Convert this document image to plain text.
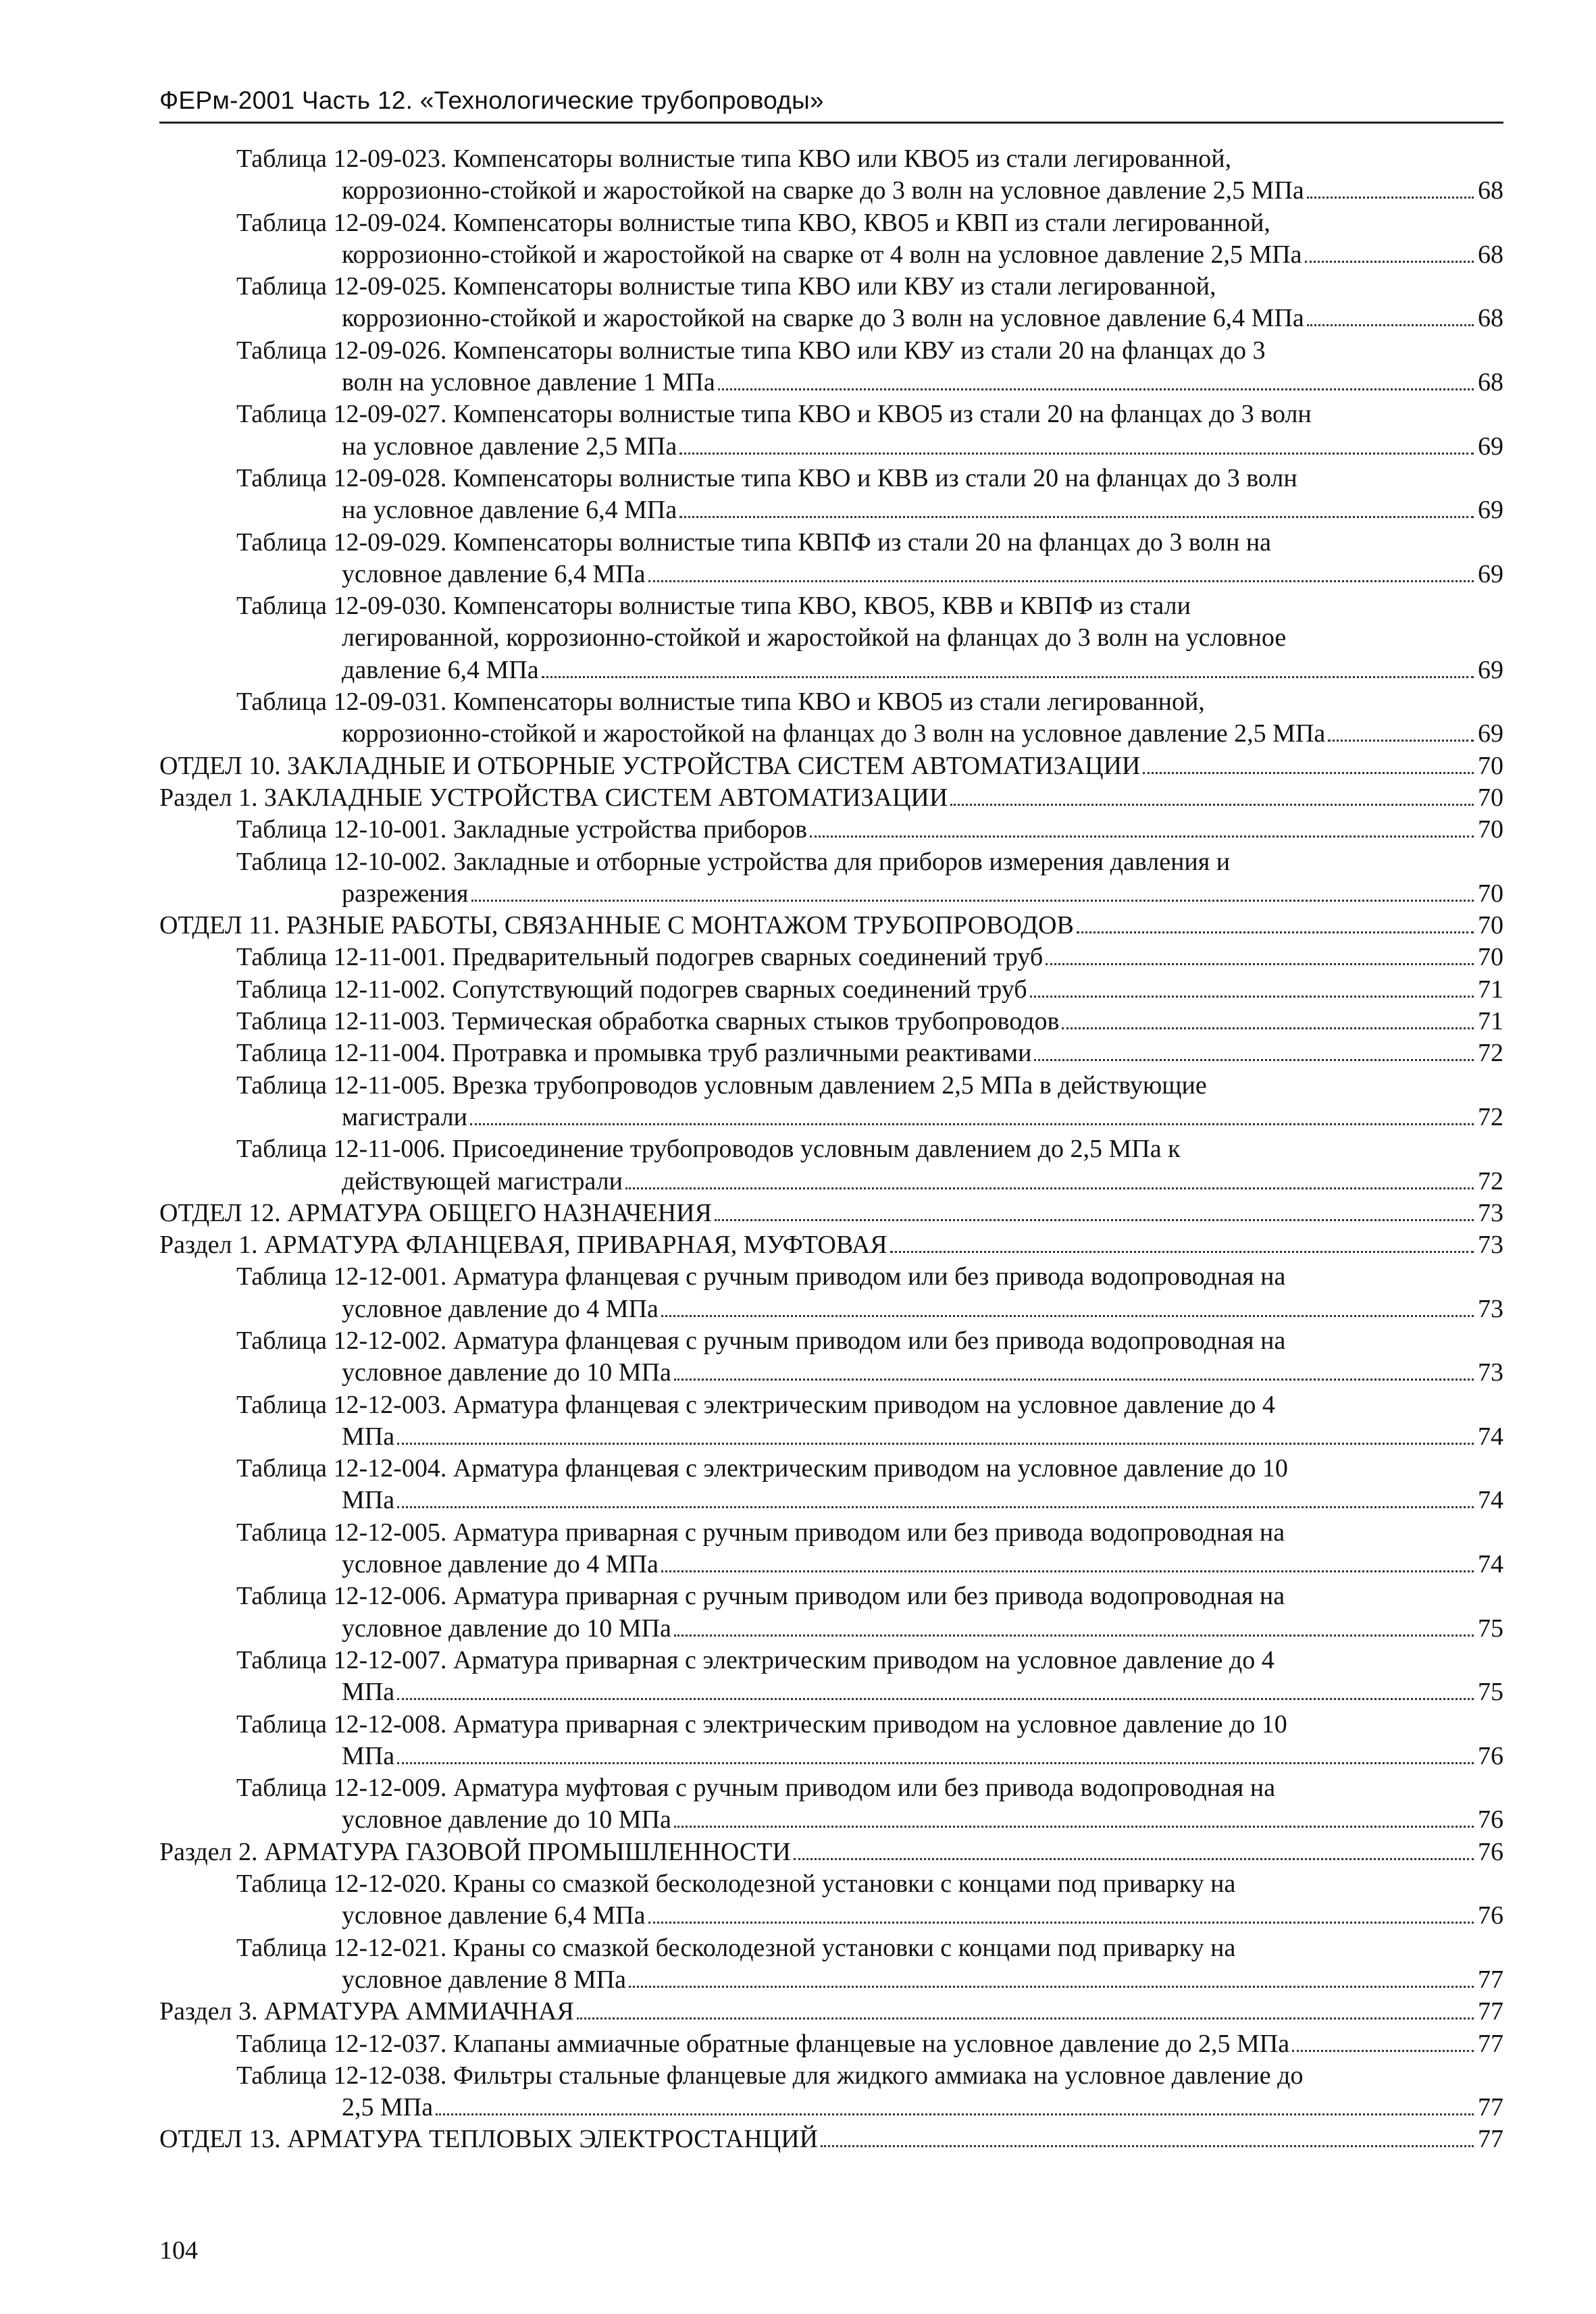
ФЕРм-2001 Часть 12. «Технологические трубопроводы»
Таблица 12-09-023. Компенсаторы волнистые типа КВО или КВО5 из стали легированной,
коррозионно-стойкой и жаростойкой на сварке до 3 волн на условное давление 2,5 МПа	68
Таблица 12-09-024. Компенсаторы волнистые типа КВО, КВО5 и КВП из стали легированной,
коррозионно-стойкой и жаростойкой на сварке от 4 волн на условное давление 2,5 МПа	68
Таблица 12-09-025. Компенсаторы волнистые типа КВО или КВУ из стали легированной,
коррозионно-стойкой и жаростойкой на сварке до 3 волн на условное давление 6,4 МПа	68
Таблица 12-09-026. Компенсаторы волнистые типа КВО или КВУ из стали 20 на фланцах до 3
волн на условное давление 1 МПа	68
Таблица 12-09-027. Компенсаторы волнистые типа КВО и КВО5 из стали 20 на фланцах до 3 волн
на условное давление 2,5 МПа	69
Таблица 12-09-028. Компенсаторы волнистые типа КВО и КВВ из стали 20 на фланцах до 3 волн
на условное давление 6,4 МПа	69
Таблица 12-09-029. Компенсаторы волнистые типа КВПФ из стали 20 на фланцах до 3 волн на
условное давление 6,4 МПа	69
Таблица 12-09-030. Компенсаторы волнистые типа КВО, КВО5, КВВ и КВПФ из стали
легированной, коррозионно-стойкой и жаростойкой на фланцах до 3 волн на условное
давление 6,4 МПа	69
Таблица 12-09-031. Компенсаторы волнистые типа КВО и КВО5 из стали легированной,
коррозионно-стойкой и жаростойкой на фланцах до 3 волн на условное давление 2,5 МПа	69
ОТДЕЛ 10. ЗАКЛАДНЫЕ И ОТБОРНЫЕ УСТРОЙСТВА СИСТЕМ АВТОМАТИЗАЦИИ	70
Раздел 1. ЗАКЛАДНЫЕ УСТРОЙСТВА СИСТЕМ АВТОМАТИЗАЦИИ	70
Таблица 12-10-001. Закладные устройства приборов	70
Таблица 12-10-002. Закладные и отборные устройства для приборов измерения давления и
разрежения	70
ОТДЕЛ 11. РАЗНЫЕ РАБОТЫ, СВЯЗАННЫЕ С МОНТАЖОМ ТРУБОПРОВОДОВ	70
Таблица 12-11-001. Предварительный подогрев сварных соединений труб	70
Таблица 12-11-002. Сопутствующий подогрев сварных соединений труб	71
Таблица 12-11-003. Термическая обработка сварных стыков трубопроводов	71
Таблица 12-11-004. Протравка и промывка труб различными реактивами	72
Таблица 12-11-005. Врезка трубопроводов условным давлением 2,5 МПа в действующие
магистрали	72
Таблица 12-11-006. Присоединение трубопроводов условным давлением до 2,5 МПа к
действующей магистрали	72
ОТДЕЛ 12. АРМАТУРА ОБЩЕГО НАЗНАЧЕНИЯ	73
Раздел 1. АРМАТУРА ФЛАНЦЕВАЯ, ПРИВАРНАЯ, МУФТОВАЯ	73
Таблица 12-12-001. Арматура фланцевая с ручным приводом или без привода водопроводная на
условное давление до 4 МПа	73
Таблица 12-12-002. Арматура фланцевая с ручным приводом или без привода водопроводная на
условное давление до 10 МПа	73
Таблица 12-12-003. Арматура фланцевая с электрическим приводом на условное давление до 4
МПа	74
Таблица 12-12-004. Арматура фланцевая с электрическим приводом на условное давление до 10
МПа	74
Таблица 12-12-005. Арматура приварная с ручным приводом или без привода водопроводная на
условное давление до 4 МПа	74
Таблица 12-12-006. Арматура приварная с ручным приводом или без привода водопроводная на
условное давление до 10 МПа	75
Таблица 12-12-007. Арматура приварная с электрическим приводом на условное давление до 4
МПа	75
Таблица 12-12-008. Арматура приварная с электрическим приводом на условное давление до 10
МПа	76
Таблица 12-12-009. Арматура муфтовая с ручным приводом или без привода водопроводная на
условное давление до 10 МПа	76
Раздел 2. АРМАТУРА ГАЗОВОЙ ПРОМЫШЛЕННОСТИ	76
Таблица 12-12-020. Краны со смазкой бесколодезной установки с концами под приварку на
условное давление 6,4 МПа	76
Таблица 12-12-021. Краны со смазкой бесколодезной установки с концами под приварку на
условное давление 8 МПа	77
Раздел 3. АРМАТУРА АММИАЧНАЯ	77
Таблица 12-12-037. Клапаны аммиачные обратные фланцевые на условное давление до 2,5 МПа	77
Таблица 12-12-038. Фильтры стальные фланцевые для жидкого аммиака на условное давление до
2,5 МПа	77
ОТДЕЛ 13. АРМАТУРА ТЕПЛОВЫХ ЭЛЕКТРОСТАНЦИЙ	77
104
